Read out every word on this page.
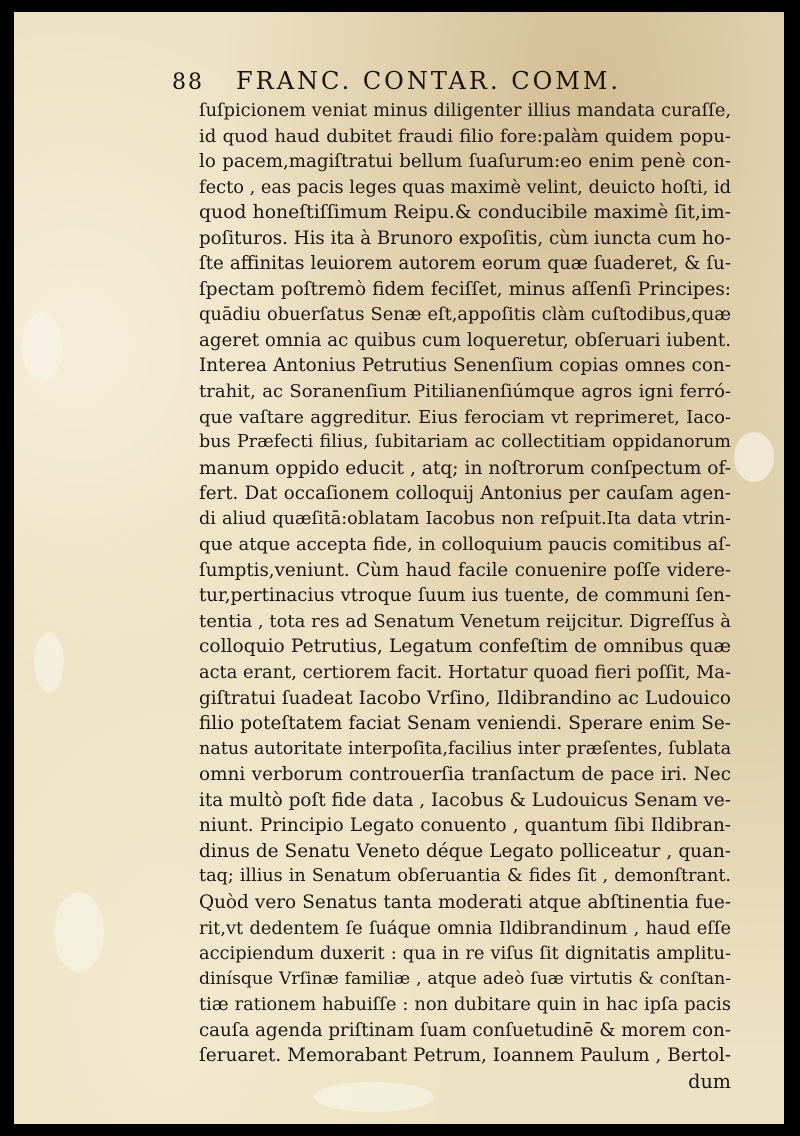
88 FRANC. CONTAR. COMM.
ſuſpicionem veniat minus diligenter illius mandata curaſſe,
id quod haud dubitet fraudi filio fore:palàm quidem popu-
lo pacem,magiſtratui bellum ſuaſurum:eo enim penè con-
fecto , eas pacis leges quas maximè velint, deuicto hoſti, id
quod honeſtiſſimum Reipu.& conducibile maximè ſit,im-
poſituros. His ita à Brunoro expoſitis, cùm iuncta cum ho-
ſte affinitas leuiorem autorem eorum quæ ſuaderet, & ſu-
ſpectam poſtremò fidem feciſſet, minus aſſenſi Principes:
quādiu obuerſatus Senæ eſt,appoſitis clàm cuſtodibus,quæ
ageret omnia ac quibus cum loqueretur, obſeruari iubent.
Interea Antonius Petrutius Senenſium copias omnes con-
trahit, ac Soranenſium Pitilianenſiúmque agros igni ferró-
que vaſtare aggreditur. Eius ferociam vt reprimeret, Iaco-
bus Præfecti filius, ſubitariam ac collectitiam oppidanorum
manum oppido educit , atq; in noſtrorum conſpectum of-
fert. Dat occaſionem colloquij Antonius per cauſam agen-
di aliud quæſitā:oblatam Iacobus non reſpuit.Ita data vtrin-
que atque accepta fide, in colloquium paucis comitibus aſ-
ſumptis,veniunt. Cùm haud facile conuenire poſſe videre-
tur,pertinacius vtroque ſuum ius tuente, de communi ſen-
tentia , tota res ad Senatum Venetum reijcitur. Digreſſus à
colloquio Petrutius, Legatum confeſtim de omnibus quæ
acta erant, certiorem facit. Hortatur quoad fieri poſſit, Ma-
giſtratui ſuadeat Iacobo Vrſino, Ildibrandino ac Ludouico
filio poteſtatem faciat Senam veniendi. Sperare enim Se-
natus autoritate interpoſita,facilius inter præſentes, ſublata
omni verborum controuerſia tranſactum de pace iri. Nec
ita multò poſt fide data , Iacobus & Ludouicus Senam ve-
niunt. Principio Legato conuento , quantum ſibi Ildibran-
dinus de Senatu Veneto déque Legato polliceatur , quan-
taq; illius in Senatum obſeruantia & fides ſit , demonſtrant.
Quòd vero Senatus tanta moderati atque abſtinentia fue-
rit,vt dedentem ſe ſuáque omnia Ildibrandinum , haud eſſe
accipiendum duxerit : qua in re viſus ſit dignitatis amplitu-
dinísque Vrſinæ familiæ , atque adeò ſuæ virtutis & conſtan-
tiæ rationem habuiſſe : non dubitare quin in hac ipſa pacis
cauſa agenda priſtinam ſuam conſuetudinē & morem con-
ſeruaret. Memorabant Petrum, Ioannem Paulum , Bertol-
dum
